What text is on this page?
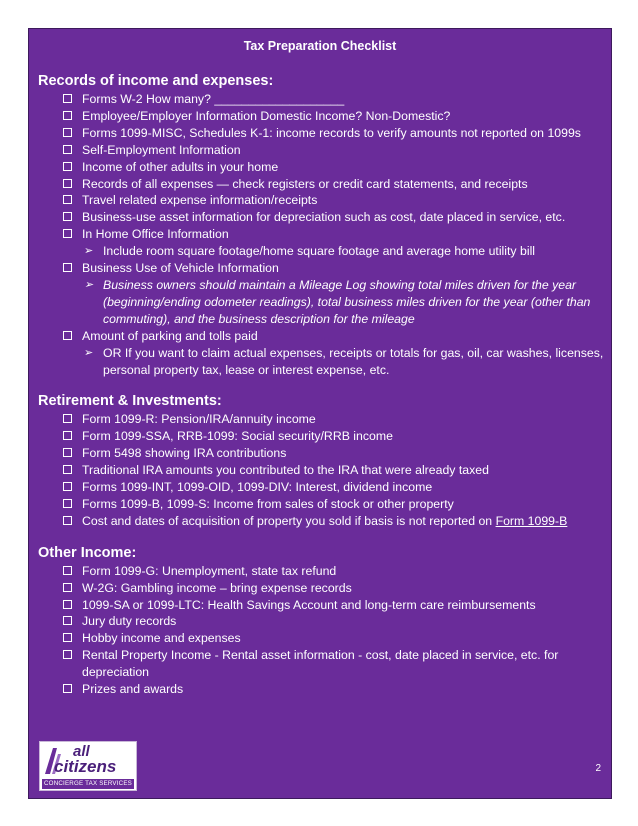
Tax Preparation Checklist
Records of income and expenses:
Forms W-2 How many? ___________________
Employee/Employer Information Domestic Income? Non-Domestic?
Forms 1099-MISC, Schedules K-1: income records to verify amounts not reported on 1099s
Self-Employment Information
Income of other adults in your home
Records of all expenses — check registers or credit card statements, and receipts
Travel related expense information/receipts
Business-use asset information for depreciation such as cost, date placed in service, etc.
In Home Office Information
➢ Include room square footage/home square footage and average home utility bill
Business Use of Vehicle Information
➢ Business owners should maintain a Mileage Log showing total miles driven for the year (beginning/ending odometer readings), total business miles driven for the year (other than commuting), and the business description for the mileage
Amount of parking and tolls paid
➢ OR If you want to claim actual expenses, receipts or totals for gas, oil, car washes, licenses, personal property tax, lease or interest expense, etc.
Retirement & Investments:
Form 1099-R: Pension/IRA/annuity income
Form 1099-SSA, RRB-1099: Social security/RRB income
Form 5498 showing IRA contributions
Traditional IRA amounts you contributed to the IRA that were already taxed
Forms 1099-INT, 1099-OID, 1099-DIV: Interest, dividend income
Forms 1099-B, 1099-S: Income from sales of stock or other property
Cost and dates of acquisition of property you sold if basis is not reported on Form 1099-B
Other Income:
Form 1099-G: Unemployment, state tax refund
W-2G: Gambling income – bring expense records
1099-SA or 1099-LTC: Health Savings Account and long-term care reimbursements
Jury duty records
Hobby income and expenses
Rental Property Income - Rental asset information - cost, date placed in service, etc. for depreciation
Prizes and awards
all
citizens
CONCIERGE TAX SERVICES
2
